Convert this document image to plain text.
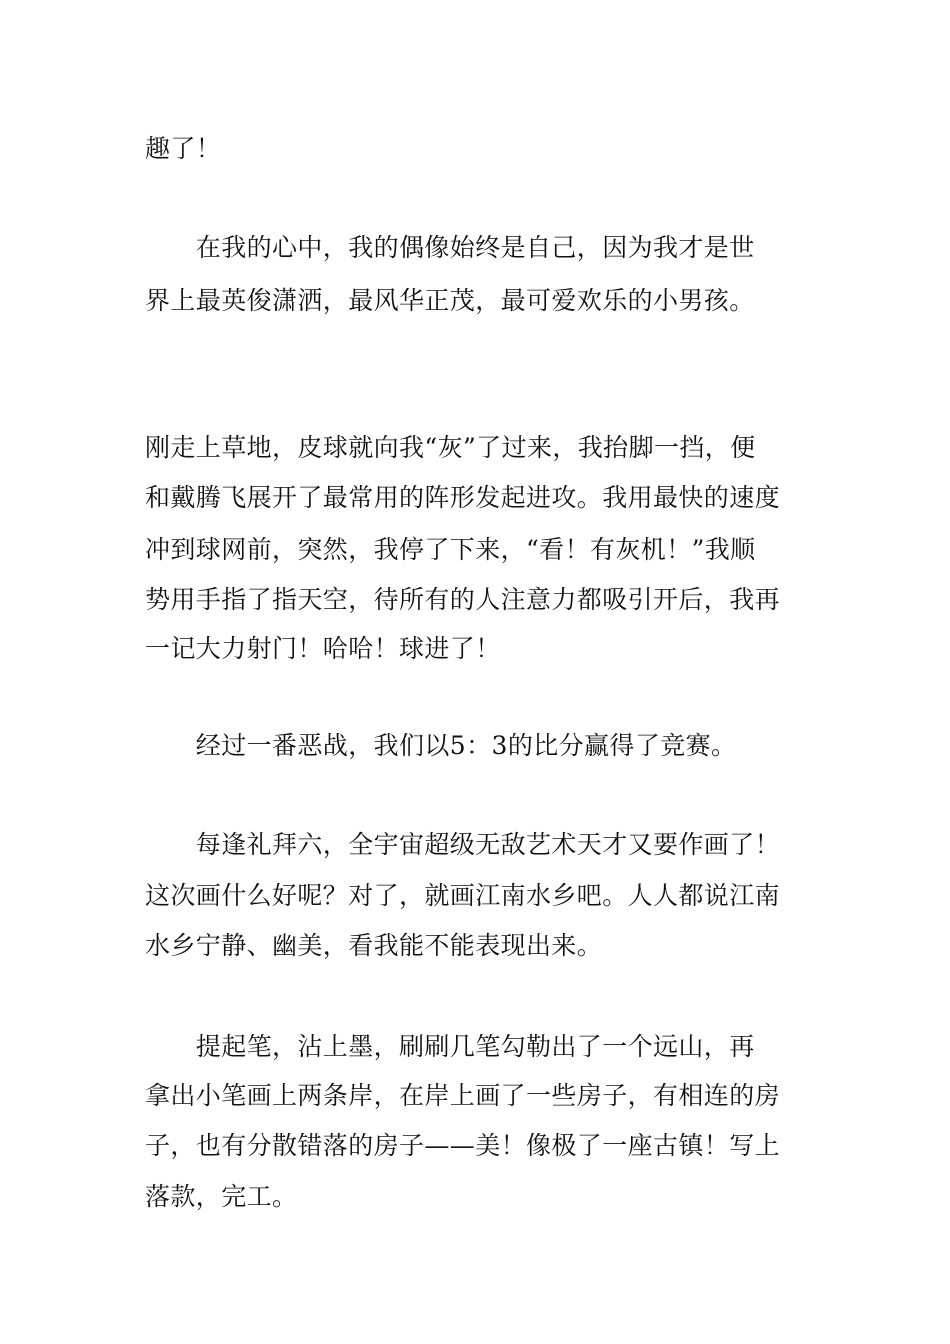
趣了！
　　在我的心中，我的偶像始终是自己，因为我才是世
界上最英俊潇洒，最风华正茂，最可爱欢乐的小男孩。
刚走上草地，皮球就向我“灰”了过来，我抬脚一挡，便
和戴腾飞展开了最常用的阵形发起进攻。我用最快的速度
冲到球网前，突然，我停了下来，“看！有灰机！”我顺
势用手指了指天空，待所有的人注意力都吸引开后，我再
一记大力射门！哈哈！球进了！
　　经过一番恶战，我们以5：3的比分赢得了竞赛。
　　每逢礼拜六，全宇宙超级无敌艺术天才又要作画了！
这次画什么好呢？对了，就画江南水乡吧。人人都说江南
水乡宁静、幽美，看我能不能表现出来。
　　提起笔，沾上墨，刷刷几笔勾勒出了一个远山，再
拿出小笔画上两条岸，在岸上画了一些房子，有相连的房
子，也有分散错落的房子——美！像极了一座古镇！写上
落款，完工。
